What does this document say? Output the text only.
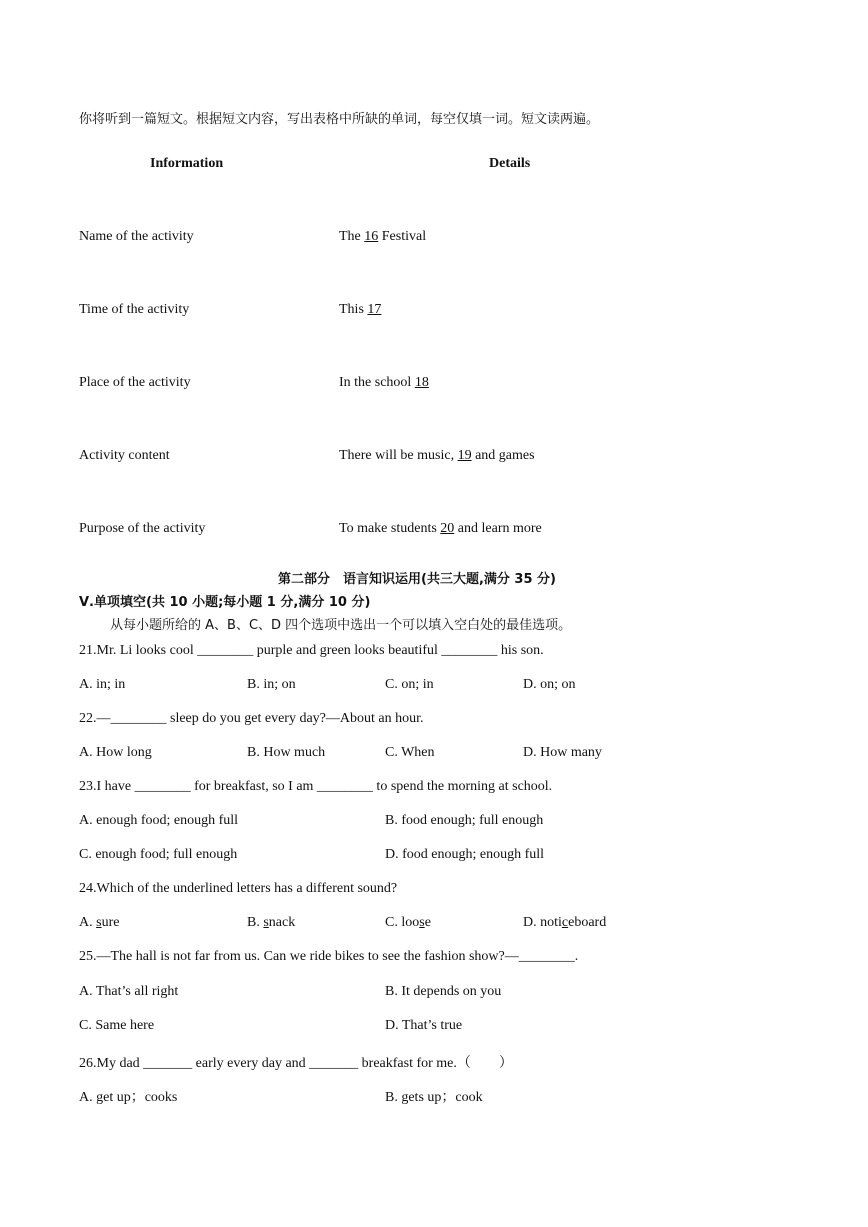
你将听到一篇短文。根据短文内容，写出表格中所缺的单词，每空仅填一词。短文读两遍。
Information	Details
Name of the activity	The 16 Festival
Time of the activity	This 17
Place of the activity	In the school 18
Activity content	There will be music, 19 and games
Purpose of the activity	To make students 20 and learn more
第二部分　语言知识运用(共三大题,满分 35 分)
Ⅴ.单项填空(共 10 小题;每小题 1 分,满分 10 分)
从每小题所给的 A、B、C、D 四个选项中选出一个可以填入空白处的最佳选项。
21.Mr. Li looks cool ________ purple and green looks beautiful ________ his son.
A. in; in	B. in; on	C. on; in	D. on; on
22.—________ sleep do you get every day?—About an hour.
A. How long	B. How much	C. When	D. How many
23.I have ________ for breakfast, so I am ________ to spend the morning at school.
A. enough food; enough full	B. food enough; full enough
C. enough food; full enough	D. food enough; enough full
24.Which of the underlined letters has a different sound?
A. sure	B. snack	C. loose	D. noticeboard
25.—The hall is not far from us. Can we ride bikes to see the fashion show?—________.
A. That’s all right	B. It depends on you
C. Same here	D. That’s true
26.My dad _______ early every day and _______ breakfast for me.（　　）
A. get up；cooks	B. gets up；cook
